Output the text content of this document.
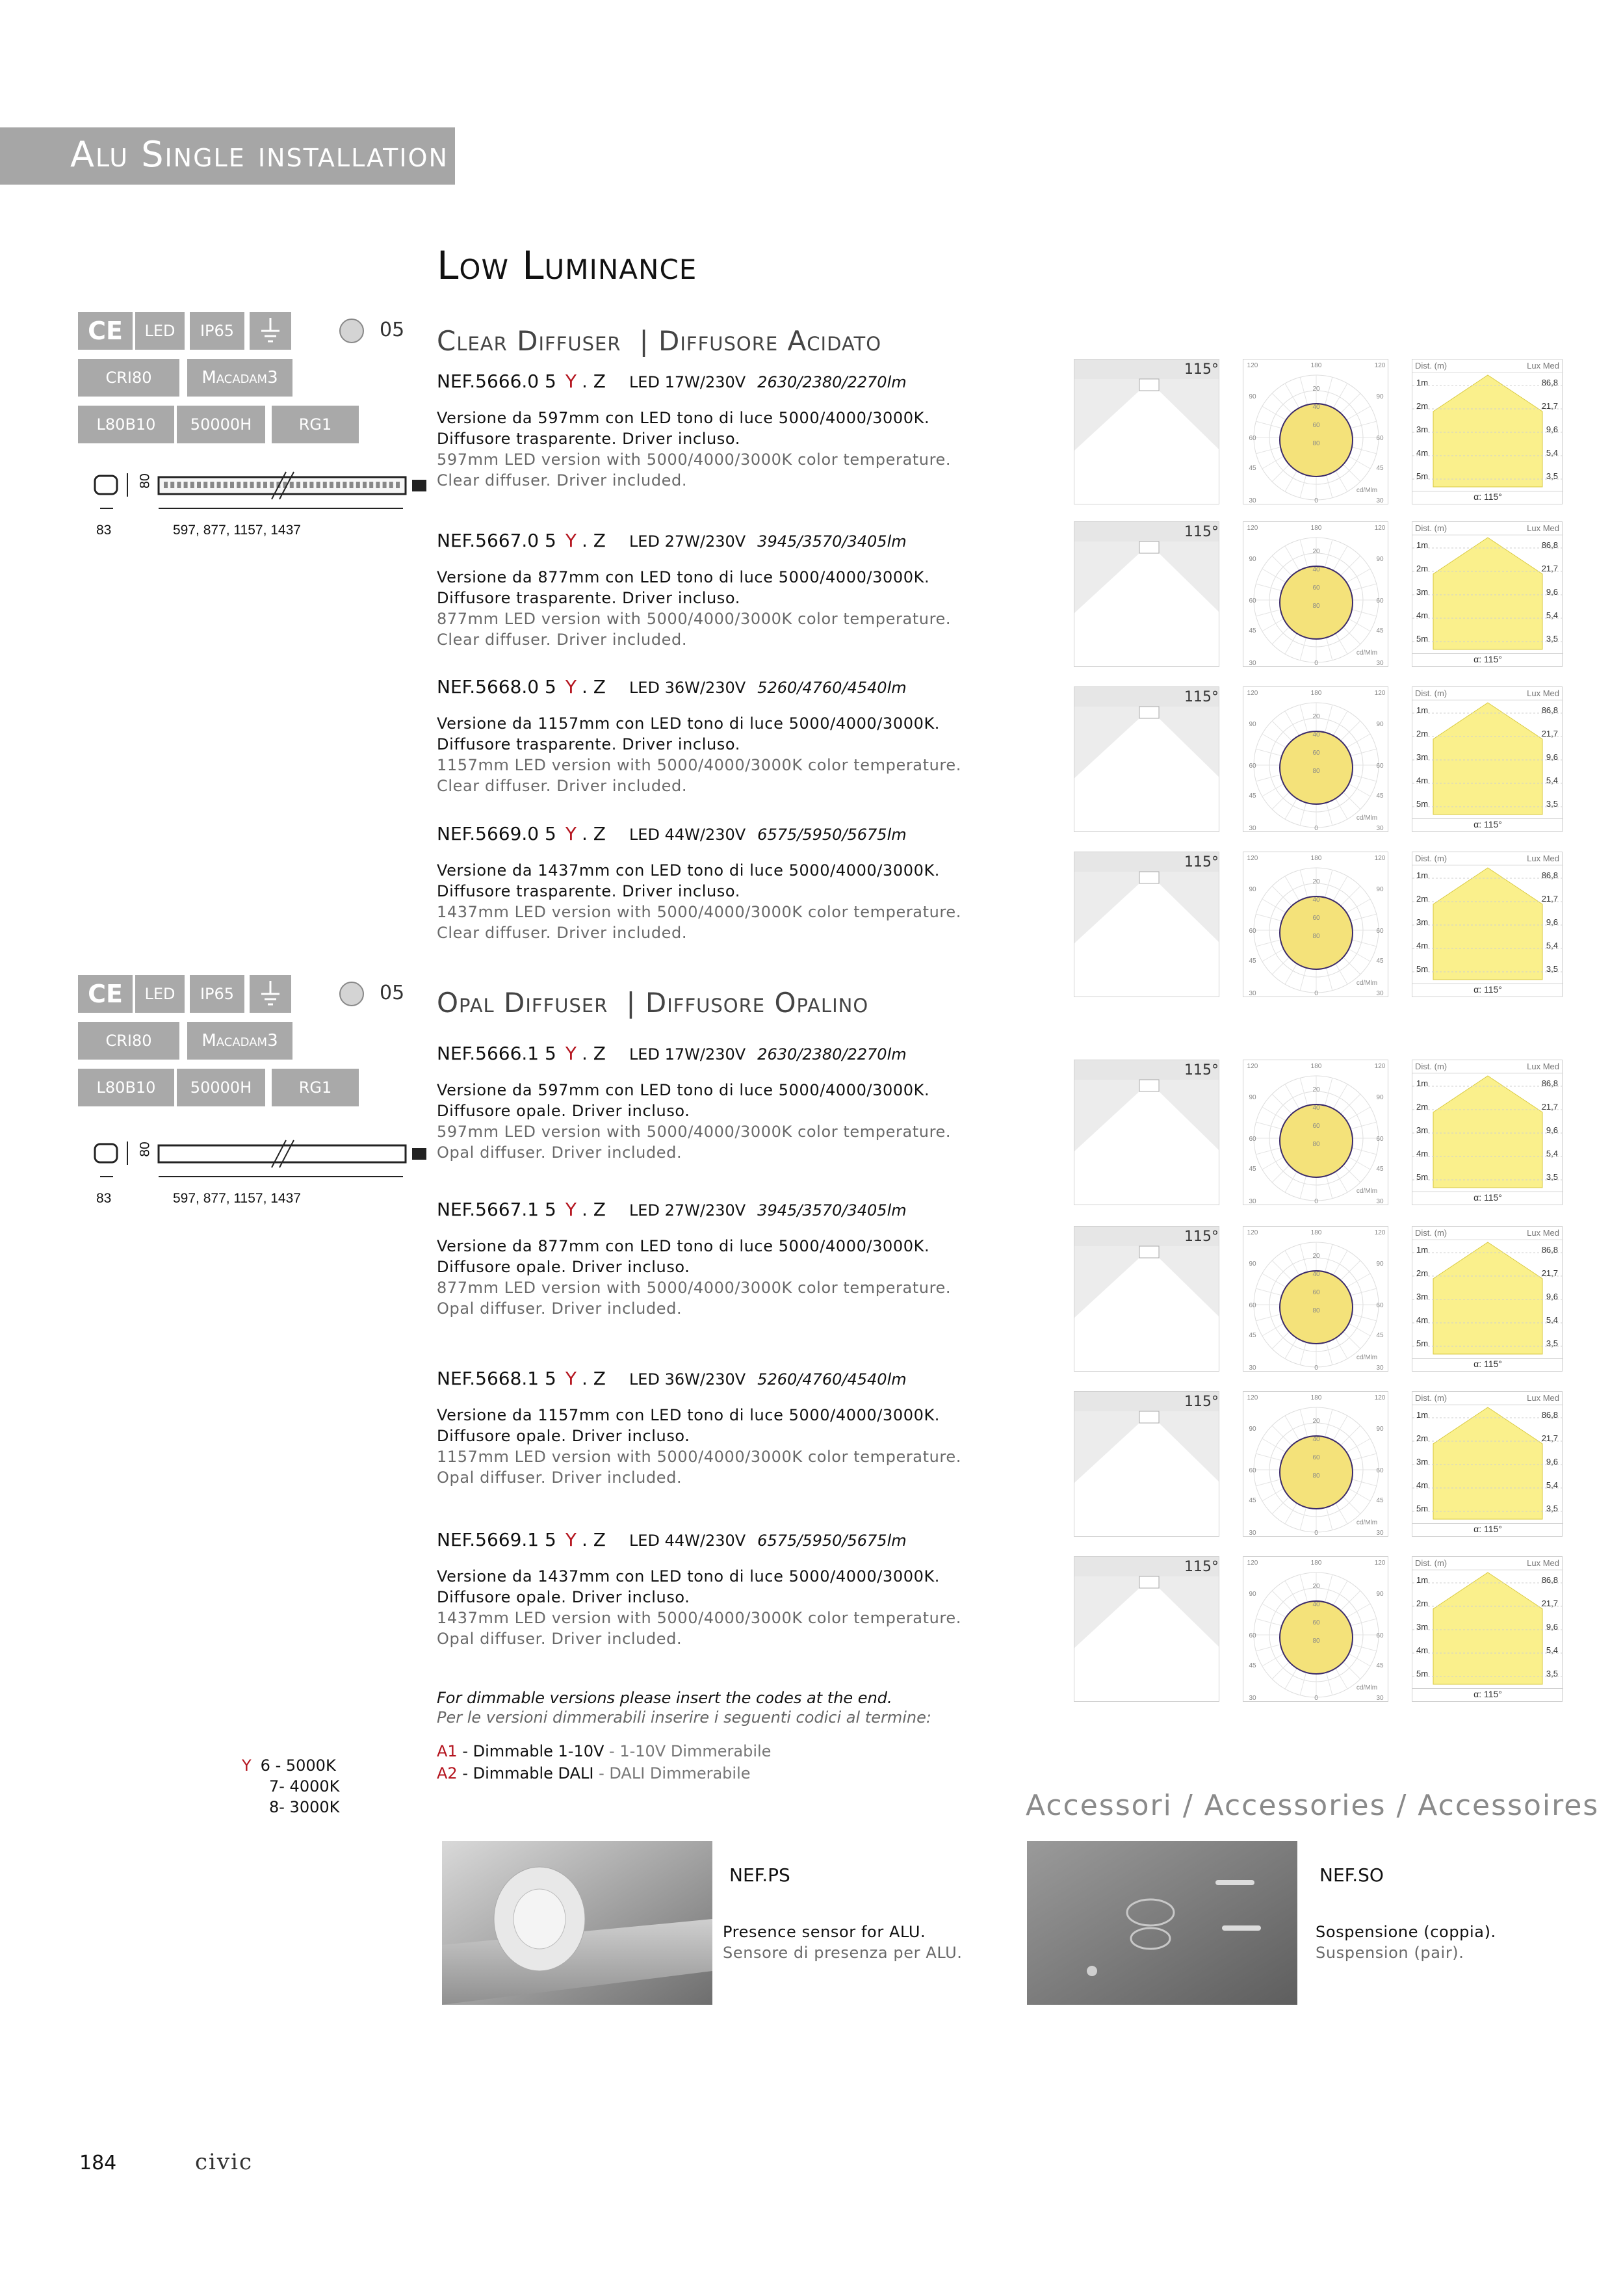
Alu Single installation
Low Luminance
CE	LED	IP65	05
CRI80	Macadam3
L80B10	50000H	RG1
Clear Diffuser | Diffusore Acidato
80
83	597, 877, 1157, 1437
NEF.5666.0 5 Y . Z LED 17W/230V 2630/2380/2270lm
Versione da 597mm con LED tono di luce 5000/4000/3000K.
Diffusore trasparente. Driver incluso.
597mm LED version with 5000/4000/3000K color temperature.
Clear diffuser. Driver included.
115°	120	180	120
90	90
60	60
45	45
30	0	30
cd/Mlm
20
40
60
80
Dist. (m)	Lux Med
1m	86,8
2m	21,7
3m	9,6
4m	5,4
5m	3,5
α: 115°
NEF.5667.0 5 Y . Z LED 27W/230V 3945/3570/3405lm
Versione da 877mm con LED tono di luce 5000/4000/3000K.
Diffusore trasparente. Driver incluso.
877mm LED version with 5000/4000/3000K color temperature.
Clear diffuser. Driver included.
115°	120	180	120
90	90
60	60
45	45
30	0	30
cd/Mlm
20
40
60
80
Dist. (m)	Lux Med
1m	86,8
2m	21,7
3m	9,6
4m	5,4
5m	3,5
α: 115°
NEF.5668.0 5 Y . Z LED 36W/230V 5260/4760/4540lm
Versione da 1157mm con LED tono di luce 5000/4000/3000K.
Diffusore trasparente. Driver incluso.
1157mm LED version with 5000/4000/3000K color temperature.
Clear diffuser. Driver included.
115°	120	180	120
90	90
60	60
45	45
30	0	30
cd/Mlm
20
40
60
80
Dist. (m)	Lux Med
1m	86,8
2m	21,7
3m	9,6
4m	5,4
5m	3,5
α: 115°
NEF.5669.0 5 Y . Z LED 44W/230V 6575/5950/5675lm
Versione da 1437mm con LED tono di luce 5000/4000/3000K.
Diffusore trasparente. Driver incluso.
1437mm LED version with 5000/4000/3000K color temperature.
Clear diffuser. Driver included.
115°	120	180	120
90	90
60	60
45	45
30	0	30
cd/Mlm
20
40
60
80
Dist. (m)	Lux Med
1m	86,8
2m	21,7
3m	9,6
4m	5,4
5m	3,5
α: 115°
CE	LED	IP65	05
CRI80	Macadam3
L80B10	50000H	RG1
Opal Diffuser | Diffusore Opalino
80
83	597, 877, 1157, 1437
NEF.5666.1 5 Y . Z LED 17W/230V 2630/2380/2270lm
Versione da 597mm con LED tono di luce 5000/4000/3000K.
Diffusore opale. Driver incluso.
597mm LED version with 5000/4000/3000K color temperature.
Opal diffuser. Driver included.
115°	120	180	120
90	90
60	60
45	45
30	0	30
cd/Mlm
20
40
60
80
Dist. (m)	Lux Med
1m	86,8
2m	21,7
3m	9,6
4m	5,4
5m	3,5
α: 115°
NEF.5667.1 5 Y . Z LED 27W/230V 3945/3570/3405lm
Versione da 877mm con LED tono di luce 5000/4000/3000K.
Diffusore opale. Driver incluso.
877mm LED version with 5000/4000/3000K color temperature.
Opal diffuser. Driver included.
115°	120	180	120
90	90
60	60
45	45
30	0	30
cd/Mlm
20
40
60
80
Dist. (m)	Lux Med
1m	86,8
2m	21,7
3m	9,6
4m	5,4
5m	3,5
α: 115°
NEF.5668.1 5 Y . Z LED 36W/230V 5260/4760/4540lm
Versione da 1157mm con LED tono di luce 5000/4000/3000K.
Diffusore opale. Driver incluso.
1157mm LED version with 5000/4000/3000K color temperature.
Opal diffuser. Driver included.
115°	120	180	120
90	90
60	60
45	45
30	0	30
cd/Mlm
20
40
60
80
Dist. (m)	Lux Med
1m	86,8
2m	21,7
3m	9,6
4m	5,4
5m	3,5
α: 115°
NEF.5669.1 5 Y . Z LED 44W/230V 6575/5950/5675lm
Versione da 1437mm con LED tono di luce 5000/4000/3000K.
Diffusore opale. Driver incluso.
1437mm LED version with 5000/4000/3000K color temperature.
Opal diffuser. Driver included.
115°	120	180	120
90	90
60	60
45	45
30	0	30
cd/Mlm
20
40
60
80
Dist. (m)	Lux Med
1m	86,8
2m	21,7
3m	9,6
4m	5,4
5m	3,5
α: 115°
For dimmable versions please insert the codes at the end.
Per le versioni dimmerabili inserire i seguenti codici al termine:
A1 - Dimmable 1-10V - 1-10V Dimmerabile
A2 - Dimmable DALI - DALI Dimmerabile
Y 6 - 5000K
7- 4000K
8- 3000K	Accessori / Accessories / Accessoires
NEF.PS
Presence sensor for ALU.
Sensore di presenza per ALU.
NEF.SO
Sospensione (coppia).
Suspension (pair).
184	civic
